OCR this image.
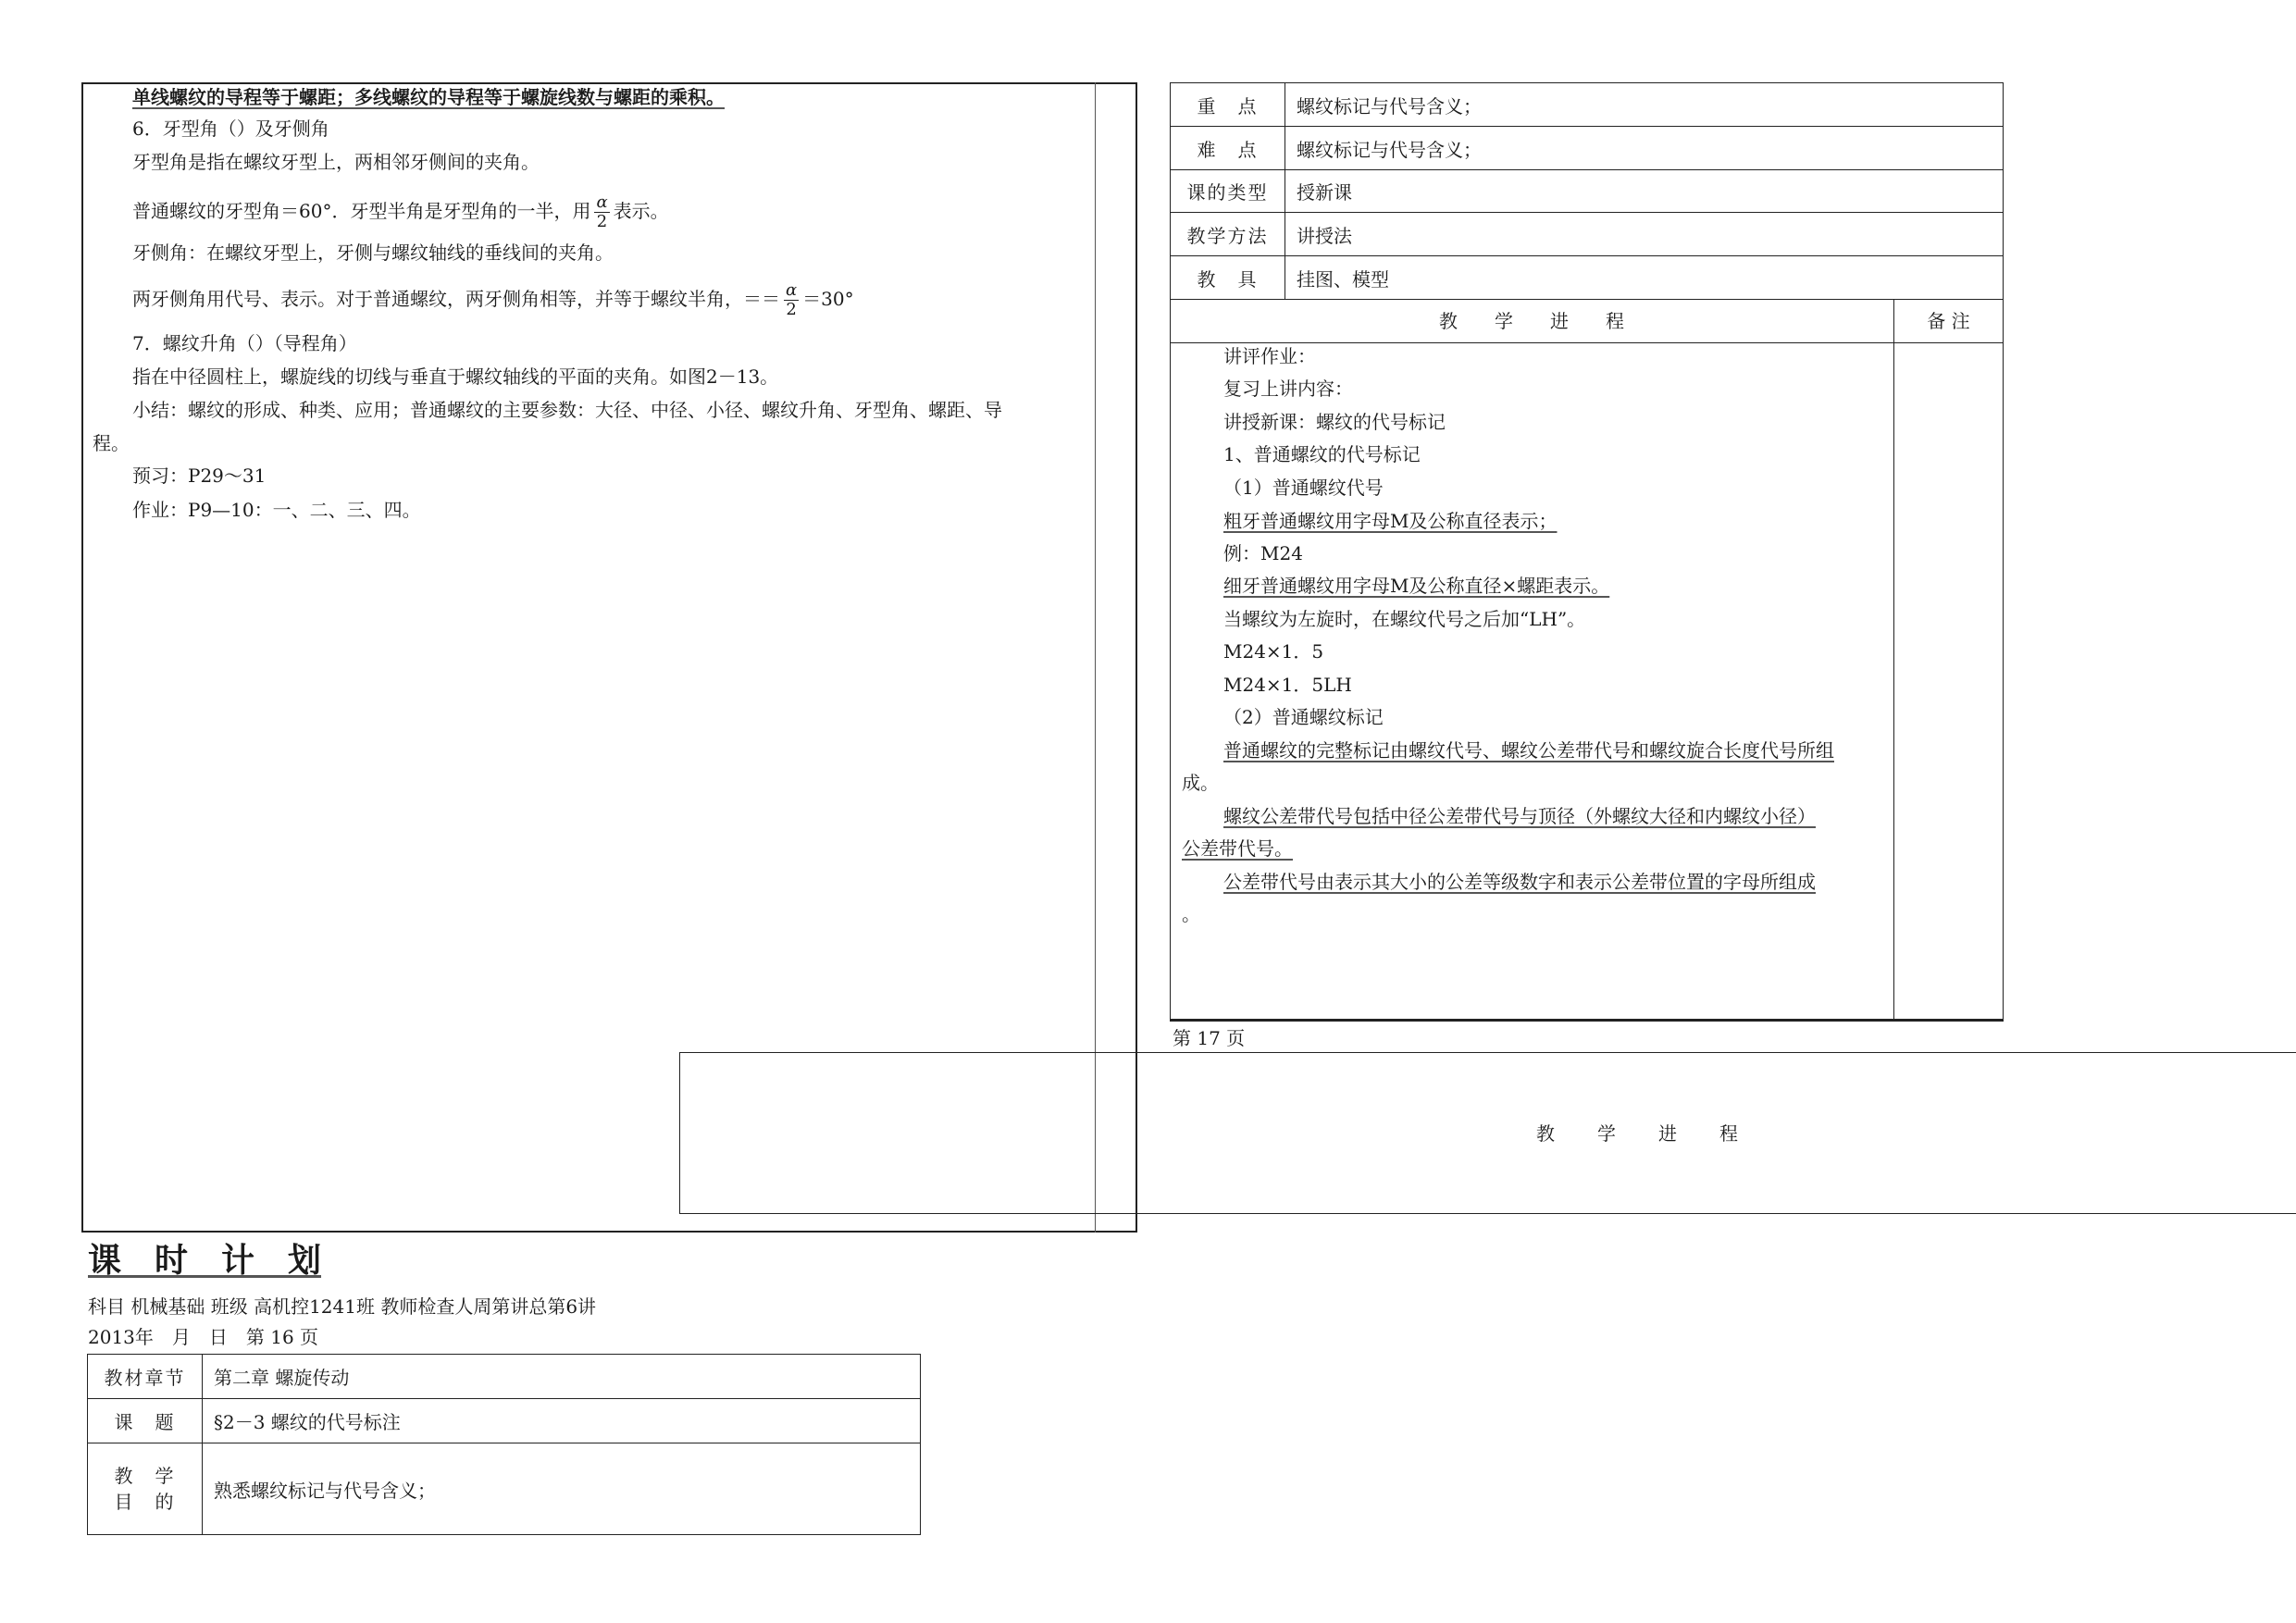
单线螺纹的导程等于螺距；多线螺纹的导程等于螺旋线数与螺距的乘积。
6．牙型角（）及牙侧角
牙型角是指在螺纹牙型上，两相邻牙侧间的夹角。
普通螺纹的牙型角＝60°．牙型半角是牙型角的一半，用 $\frac{\alpha}{2}$ 表示。
牙侧角：在螺纹牙型上，牙侧与螺纹轴线的垂线间的夹角。
两牙侧角用代号、表示。对于普通螺纹，两牙侧角相等，并等于螺纹半角，＝＝ $\frac{\alpha}{2} =30^\circ$
7．螺纹升角（）（导程角）
指在中径圆柱上，螺旋线的切线与垂直于螺纹轴线的平面的夹角。如图2－13。
小结：螺纹的形成、种类、应用；普通螺纹的主要参数：大径、中径、小径、螺纹升角、牙型角、螺距、导
程。
预习：P29～31
作业：P9—10：一、二、三、四。
重　点	螺纹标记与代号含义；
难　点	螺纹标记与代号含义；
课的类型	授新课
教学方法	讲授法
教　具	挂图、模型
教　　学　　进　　程	备 注
讲评作业：
复习上讲内容：
讲授新课：螺纹的代号标记
1、普通螺纹的代号标记
（1）普通螺纹代号
粗牙普通螺纹用字母M及公称直径表示；
例：M24
细牙普通螺纹用字母M及公称直径×螺距表示。
当螺纹为左旋时，在螺纹代号之后加“LH”。
M24×1．5
M24×1．5LH
（2）普通螺纹标记
普通螺纹的完整标记由螺纹代号、螺纹公差带代号和螺纹旋合长度代号所组
成。
螺纹公差带代号包括中径公差带代号与顶径（外螺纹大径和内螺纹小径）
公差带代号。
公差带代号由表示其大小的公差等级数字和表示公差带位置的字母所组成
。
第 17 页
教　　学　　进　　程
课　时　计　划
科目 机械基础 班级 高机控1241班 教师检查人周第讲总第6讲
2013年　月　日　第 16 页
教材章节	第二章 螺旋传动
课　题	§2－3 螺纹的代号标注
教　学
目　的	熟悉螺纹标记与代号含义；
